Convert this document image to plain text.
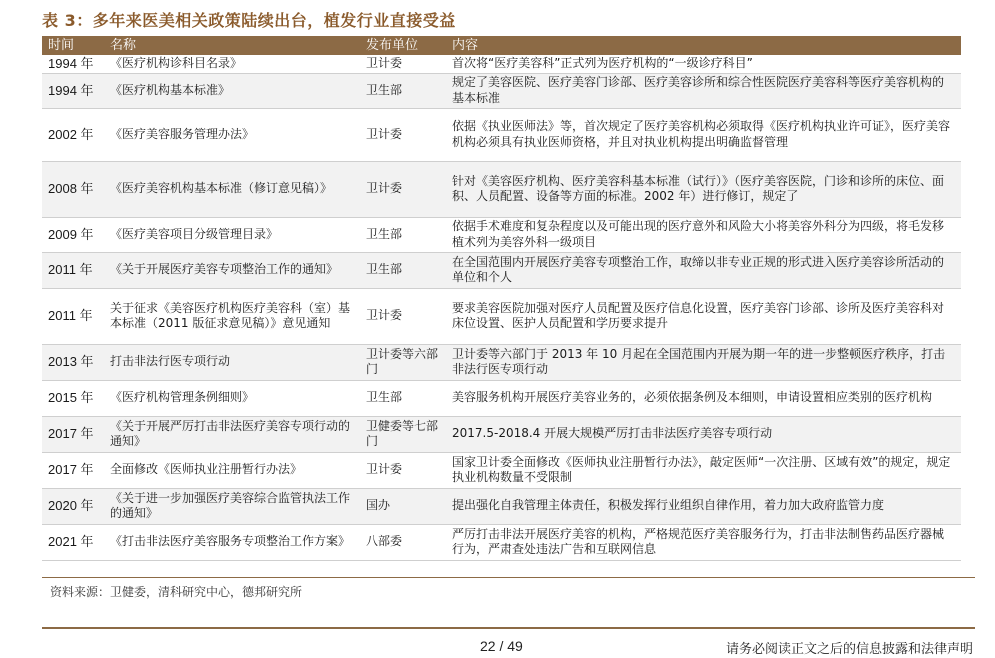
表 3：多年来医美相关政策陆续出台，植发行业直接受益
时间	名称	发布单位	内容
1994 年	《医疗机构诊科目名录》	卫计委	首次将“医疗美容科”正式列为医疗机构的“一级诊疗科目”
1994 年	《医疗机构基本标准》	卫生部	规定了美容医院、医疗美容门诊部、医疗美容诊所和综合性医院医疗美容科等医疗美容机构的基本标准
2002 年	《医疗美容服务管理办法》	卫计委	依据《执业医师法》等，首次规定了医疗美容机构必须取得《医疗机构执业许可证》，医疗美容机构必须具有执业医师资格，并且对执业机构提出明确监督管理
2008 年	《医疗美容机构基本标准（修订意见稿）》	卫计委	针对《美容医疗机构、医疗美容科基本标准（试行）》（医疗美容医院，门诊和诊所的床位、面积、人员配置、设备等方面的标准。2002 年）进行修订，规定了
2009 年	《医疗美容项目分级管理目录》	卫生部	依据手术难度和复杂程度以及可能出现的医疗意外和风险大小将美容外科分为四级，将毛发移植术列为美容外科一级项目
2011 年	《关于开展医疗美容专项整治工作的通知》	卫生部	在全国范围内开展医疗美容专项整治工作，取缔以非专业正规的形式进入医疗美容诊所活动的单位和个人
2011 年	关于征求《美容医疗机构医疗美容科（室）基本标准（2011 版征求意见稿）》意见通知	卫计委	要求美容医院加强对医疗人员配置及医疗信息化设置，医疗美容门诊部、诊所及医疗美容科对床位设置、医护人员配置和学历要求提升
2013 年	打击非法行医专项行动	卫计委等六部门	卫计委等六部门于 2013 年 10 月起在全国范围内开展为期一年的进一步整顿医疗秩序，打击非法行医专项行动
2015 年	《医疗机构管理条例细则》	卫生部	美容服务机构开展医疗美容业务的，必须依据条例及本细则，申请设置相应类别的医疗机构
2017 年	《关于开展严厉打击非法医疗美容专项行动的通知》	卫健委等七部门	2017.5-2018.4 开展大规模严厉打击非法医疗美容专项行动
2017 年	全面修改《医师执业注册暂行办法》	卫计委	国家卫计委全面修改《医师执业注册暂行办法》，敲定医师“一次注册、区域有效”的规定，规定执业机构数量不受限制
2020 年	《关于进一步加强医疗美容综合监管执法工作的通知》	国办	提出强化自我管理主体责任，积极发挥行业组织自律作用，着力加大政府监管力度
2021 年	《打击非法医疗美容服务专项整治工作方案》	八部委	严厉打击非法开展医疗美容的机构，严格规范医疗美容服务行为，打击非法制售药品医疗器械行为，严肃查处违法广告和互联网信息
资料来源：卫健委，清科研究中心，德邦研究所
22 / 49	请务必阅读正文之后的信息披露和法律声明
